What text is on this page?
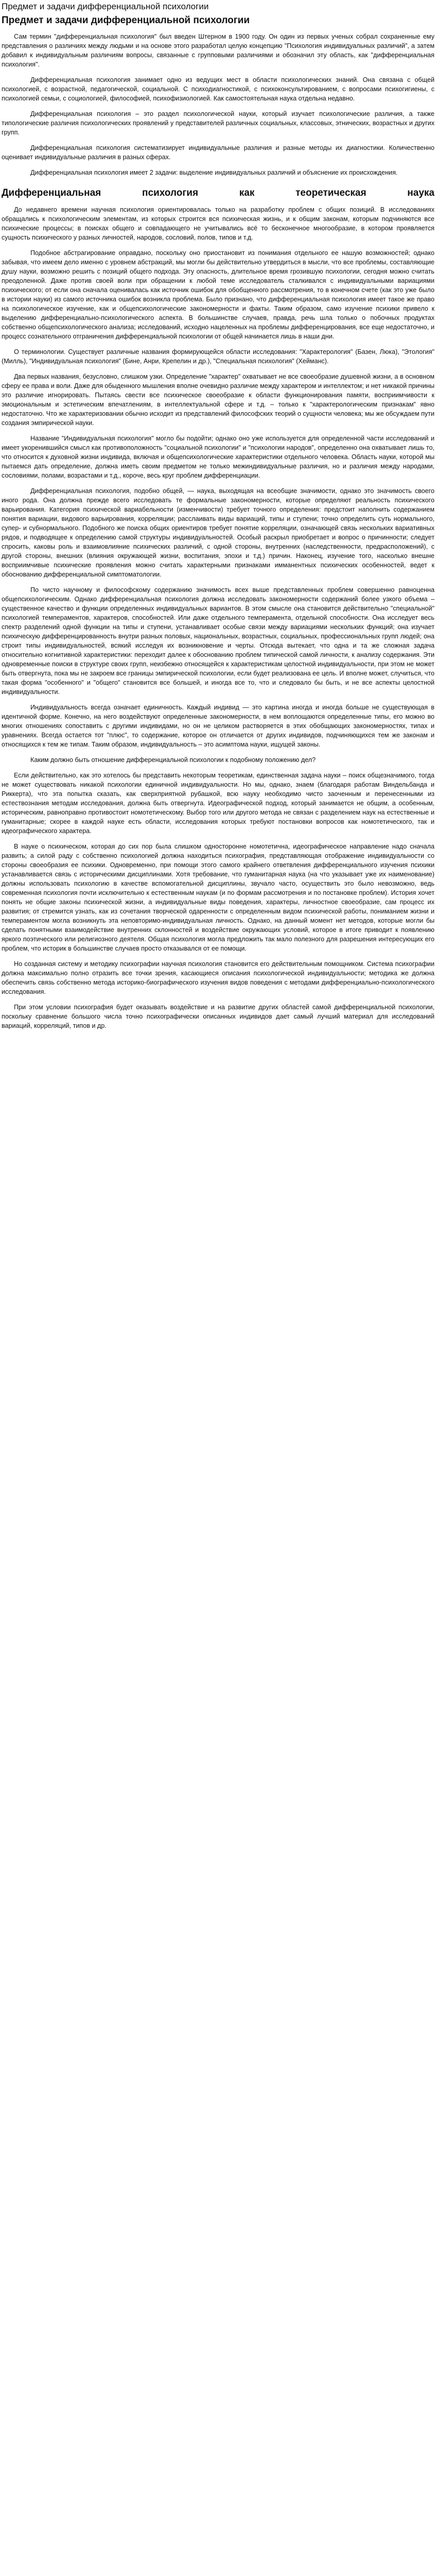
Предмет и задачи дифференциальной психологии
Предмет и задачи дифференциальной психологии

Сам термин "дифференциальная психология" был введен Штерном в 1900 году. Он один из первых ученых собрал сохраненные ему представления о различиях между людьми и на основе этого разработал целую концепцию "Психология индивидуальных различий", а затем добавил к индивидуальным различиям вопросы, связанные с групповыми различиями и обозначил эту область, как "дифференциальная психология".

Дифференциальная психология занимает одно из ведущих мест в области психологических знаний. Она связана с общей психологией, с возрастной, педагогической, социальной. С психодиагностикой, с психоконсультированием, с вопросами психогигиены, с психологией семьи, с социологией, философией, психофизиологией. Как самостоятельная наука отдельна недавно.

Дифференциальная психология – это раздел психологической науки, который изучает психологические различия, а также типологические различия психологических проявлений у представителей различных социальных, классовых, этнических, возрастных и других групп.

Дифференциальная психология систематизирует индивидуальные различия и разные методы их диагностики. Количественно оценивает индивидуальные различия в разных сферах.

Дифференциальная психология имеет 2 задачи: выделение индивидуальных различий и объяснение их происхождения.

Дифференциальная психология как теоретическая наука

До недавнего времени научная психология ориентировалась только на разработку проблем с общих позиций. В исследованиях обращались к психологическим элементам, из которых строится вся психическая жизнь, и к общим законам, которым подчиняются все психические процессы; в поисках общего и совпадающего не учитывались всё то бесконечное многообразие, в котором проявляется сущность психического у разных личностей, народов, сословий, полов, типов и т.д.

Подобное абстрагирование оправдано, поскольку оно приостановит из понимания отдельного ее нашую возможностей; однако забывая, что имеем дело именно с уровнем абстракций, мы могли бы действительно утвердиться в мысли, что все проблемы, составляющие душу науки, возможно решить с позиций общего подхода. Эту опасность, длительное время грозившую психологии, сегодня можно считать преодоленной. Даже против своей воли при обращении к любой теме исследователь сталкивался с индивидуальными вариациями психического; от если она сначала оценивалась как источник ошибок для обобщенного рассмотрения, то в конечном счете (как это уже было в истории науки) из самого источника ошибок возникла проблема. Было признано, что дифференциальная психология имеет такое же право на психологическое изучение, как и общепсихологические закономерности и факты. Таким образом, само изучение психики привело к выделению дифференциально-психологического аспекта. В большинстве случаев, правда, речь шла только о побочных продуктах собственно общепсихологического анализа; исследований, исходно нацеленных на проблемы дифференцирования, все еще недостаточно, и процесс сознательного отграничения дифференциальной психологии от общей начинается лишь в наши дни.

О терминологии. Существует различные названия формирующейся области исследования: "Характерология" (Базен, Люка), "Этология" (Милль), "Индивидуальная психология" (Бине, Анри, Крепелин и др.), "Специальная психология" (Хейманс).

Два первых названия, безусловно, слишком узки. Определение "характер" охватывает не все своеобразие душевной жизни, а в основном сферу ее права и воли. Даже для обыденного мышления вполне очевидно различие между характером и интеллектом; и нет никакой причины это различие игнорировать. Пытаясь свести все психическое своеобразие к области функционирования памяти, восприимчивости к эмоциональным и эстетическим впечатлениям, в интеллектуальной сфере и т.д. – только к "характерологическим признакам" явно недостаточно. Что же характеризовании обычно исходит из представлений философских теорий о сущности человека; мы же обсуждаем пути создания эмпирической науки.

Название "Индивидуальная психология" могло бы подойти; однако оно уже используется для определенной части исследований и имеет укоренившийся смысл как противоположность "социальной психологии" и "психологии народов", определенно она охватывает лишь то, что относится к духовной жизни индивида, включая и общепсихологические характеристики отдельного человека. Область науки, которой мы пытаемся дать определение, должна иметь своим предметом не только межиндивидуальные различия, но и различия между народами, сословиями, полами, возрастами и т.д., короче, весь круг проблем дифференциации.

Дифференциальная психология, подобно общей, — наука, выходящая на всеобщие значимости, однако это значимость своего иного рода. Она должна прежде всего исследовать те формальные закономерности, которые определяют реальность психического варьирования. Категория психической вариабельности (изменчивости) требует точного определения: предстоит наполнить содержанием понятия вариации, видового варьирования, корреляции; расслаивать виды вариаций, типы и ступени; точно определить суть нормального, супер- и субнормального. Подобного же поиска общих ориентиров требует понятие корреляции, означающей связь нескольких вариативных рядов, и подводящее к определению самой структуры индивидуальностей. Особый раскрыл приобретает и вопрос о причинности; следует спросить, каковы роль и взаимовлияние психических различий, с одной стороны, внутренних (наследственности, предрасположений), с другой стороны, внешних (влияния окружающей жизни, воспитания, эпохи и т.д.) причин. Наконец, изучение того, насколько внешне восприимчивые психические проявления можно считать характерными признаками имманентных психических особенностей, ведет к обоснованию дифференциальной симптоматологии.

По чисто научному и философскому содержанию значимость всех выше представленных проблем совершенно равноценна общепсихологическим. Однако дифференциальная психология должна исследовать закономерности содержаний более узкого объема – существенное качество и функции определенных индивидуальных вариантов. В этом смысле она становится действительно "специальной" психологией темпераментов, характеров, способностей. Или даже отдельного темперамента, отдельной способности. Она исследует весь спектр разделений одной функции на типы и ступени, устанавливает особые связи между вариациями нескольких функций; она изучает психическую дифференцированность внутри разных половых, национальных, возрастных, социальных, профессиональных групп людей; она строит типы индивидуальностей, всякий исследуя их возникновение и черты. Отсюда вытекает, что одна и та же сложная задача относительно когнитивной характеристики: переходит далее к обоснованию проблем типической самой личности, к анализу содержания. Эти одновременные поиски в структуре своих групп, неизбежно относящейся к характеристикам целостной индивидуальности, при этом не может быть отвергнута, пока мы не закроем все границы эмпирической психологии, если будет реализована ее цель. И вполне может, случиться, что такая форма "особенного" и "общего" становится все большей, и иногда все то, что и следовало бы быть, и не все аспекты целостной индивидуальности.

Индивидуальность всегда означает единичность. Каждый индивид — это картина иногда и иногда больше не существующая в идентичной форме. Конечно, на него воздействуют определенные закономерности, в нем воплощаются определенные типы, его можно во многих отношениях сопоставить с другими индивидами, но он не целиком растворяется в этих обобщающих закономерностях, типах и уравнениях. Всегда остается тот "плюс", то содержание, которое он отличается от других индивидов, подчиняющихся тем же законам и относящихся к тем же типам. Таким образом, индивидуальность – это асимптома науки, ищущей законы.

Каким должно быть отношение дифференциальной психологии к подобному положению дел?

Если действительно, как это хотелось бы представить некоторым теоретикам, единственная задача науки – поиск общезначимого, тогда не может существовать никакой психологии единичной индивидуальности. Но мы, однако, знаем (благодаря работам Виндельбанда и Риккерта), что эта попытка сказать, как сверхприятной рубашкой, всю науку необходимо чисто заоченным и перенесенными из естествознания методам исследования, должна быть отвергнута. Идеографической подход, который занимается не общим, а особенным, историческим, равноправно противостоит номотетическому. Выбор того или другого метода не связан с разделением наук на естественные и гуманитарные; скорее в каждой науке есть области, исследования которых требуют постановки вопросов как номотетического, так и идеографического характера.

В науке о психическом, которая до сих пор была слишком односторонне номотетична, идеографическое направление надо сначала развить; а силой раду с собственно психологией должна находиться психография, представляющая отображение индивидуальности со стороны своеобразия ее психики. Одновременно, при помощи этого самого крайнего ответвления дифференциального изучения психики устанавливается связь с историческими дисциплинами. Хотя требование, что гуманитарная наука (на что указывает уже их наименование) должны использовать психологию в качестве вспомогательной дисциплины, звучало часто, осуществить это было невозможно, ведь современная психология почти исключительно к естественным наукам (и по формам рассмотрения и по постановке проблем). История хочет понять не общие законы психической жизни, а индивидуальные виды поведения, характеры, личностное своеобразие, сам процесс их развития; от стремится узнать, как из сочетания творческой одаренности с определенным видом психической работы, пониманием жизни и темпераментом могла возникнуть эта неповторимо-индивидуальная личность. Однако, на данный момент нет методов, которые могли бы сделать понятными взаимодействие внутренних склонностей и воздействие окружающих условий, которое в итоге приводит к появлению яркого поэтического или религиозного деятеля. Общая психология могла предложить так мало полезного для разрешения интересующих его проблем, что историк в большинстве случаев просто отказывался от ее помощи.

Но созданная систему и методику психографии научная психология становится его действительным помощником. Система психографии должна максимально полно отразить все точки зрения, касающиеся описания психологической индивидуальности; методика же должна обеспечить связь собственно метода историко-биографического изучения видов поведения с методами дифференциально-психологического исследования.

При этом условии психография будет оказывать воздействие и на развитие других областей самой дифференциальной психологии, поскольку сравнение большого числа точно психографически описанных индивидов дает самый лучший материал для исследований вариаций, корреляций, типов и др.
